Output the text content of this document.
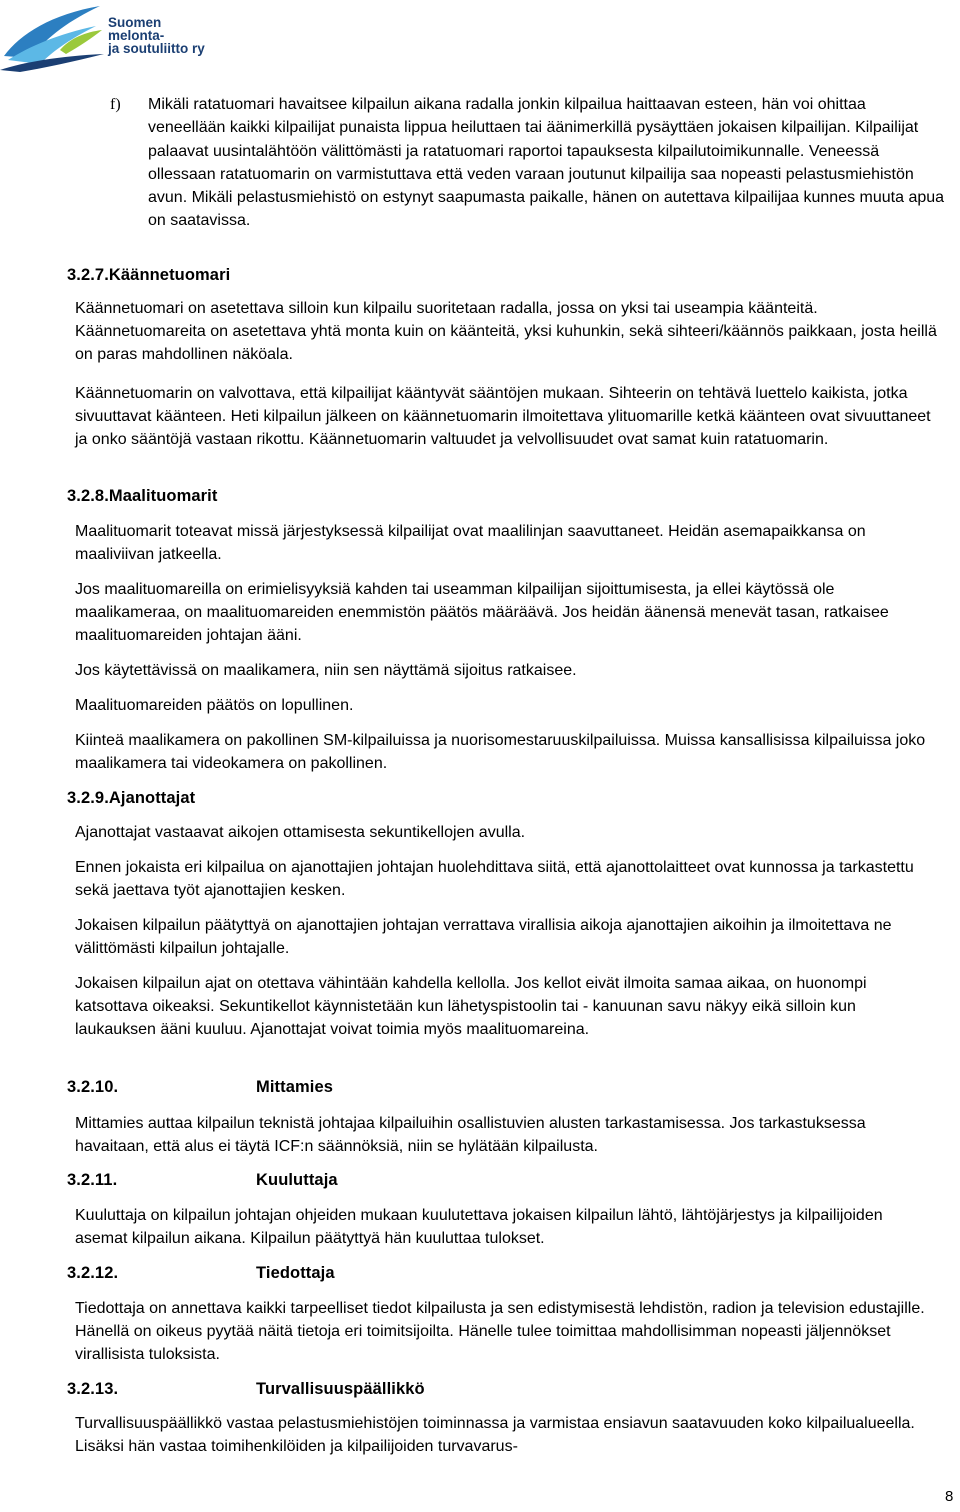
Suomen
melonta-
ja soutuliitto ry
f) Mikäli ratatuomari havaitsee kilpailun aikana radalla jonkin kilpailua haittaavan esteen, hän voi ohittaa veneellään kaikki kilpailijat punaista lippua heiluttaen tai äänimerkillä pysäyttäen jokaisen kilpailijan. Kilpailijat palaavat uusintalähtöön välittömästi ja ratatuomari raportoi tapauksesta kilpailutoimikunnalle. Veneessä ollessaan ratatuomarin on varmistuttava että veden varaan joutunut kilpailija saa nopeasti pelastusmiehistön avun. Mikäli pelastusmiehistö on estynyt saapumasta paikalle, hänen on autettava kilpailijaa kunnes muuta apua on saatavissa.

3.2.7.Käännetuomari

Käännetuomari on asetettava silloin kun kilpailu suoritetaan radalla, jossa on yksi tai useampia käänteitä. Käännetuomareita on asetettava yhtä monta kuin on käänteitä, yksi kuhunkin, sekä sihteeri/käännös paikkaan, josta heillä on paras mahdollinen näköala.

Käännetuomarin on valvottava, että kilpailijat kääntyvät sääntöjen mukaan. Sihteerin on tehtävä luettelo kaikista, jotka sivuuttavat käänteen. Heti kilpailun jälkeen on käännetuomarin ilmoitettava ylituomarille ketkä käänteen ovat sivuuttaneet ja onko sääntöjä vastaan rikottu. Käännetuomarin valtuudet ja velvollisuudet ovat samat kuin ratatuomarin.

3.2.8.Maalituomarit

Maalituomarit toteavat missä järjestyksessä kilpailijat ovat maalilinjan saavuttaneet. Heidän asemapaikkansa on maaliviivan jatkeella.

Jos maalituomareilla on erimielisyyksiä kahden tai useamman kilpailijan sijoittumisesta, ja ellei käytössä ole maalikameraa, on maalituomareiden enemmistön päätös määräävä. Jos heidän äänensä menevät tasan, ratkaisee maalituomareiden johtajan ääni.

Jos käytettävissä on maalikamera, niin sen näyttämä sijoitus ratkaisee.

Maalituomareiden päätös on lopullinen.

Kiinteä maalikamera on pakollinen SM-kilpailuissa ja nuorisomestaruuskilpailuissa. Muissa kansallisissa kilpailuissa joko maalikamera tai videokamera on pakollinen.

3.2.9.Ajanottajat

Ajanottajat vastaavat aikojen ottamisesta sekuntikellojen avulla.

Ennen jokaista eri kilpailua on ajanottajien johtajan huolehdittava siitä, että ajanottolaitteet ovat kunnossa ja tarkastettu sekä jaettava työt ajanottajien kesken.

Jokaisen kilpailun päätyttyä on ajanottajien johtajan verrattava virallisia aikoja ajanottajien aikoihin ja ilmoitettava ne välittömästi kilpailun johtajalle.

Jokaisen kilpailun ajat on otettava vähintään kahdella kellolla. Jos kellot eivät ilmoita samaa aikaa, on huonompi katsottava oikeaksi. Sekuntikellot käynnistetään kun lähetyspistoolin tai - kanuunan savu näkyy eikä silloin kun laukauksen ääni kuuluu. Ajanottajat voivat toimia myös maalituomareina.

3.2.10.	Mittamies

Mittamies auttaa kilpailun teknistä johtajaa kilpailuihin osallistuvien alusten tarkastamisessa. Jos tarkastuksessa havaitaan, että alus ei täytä ICF:n säännöksiä, niin se hylätään kilpailusta.

3.2.11.	Kuuluttaja

Kuuluttaja on kilpailun johtajan ohjeiden mukaan kuulutettava jokaisen kilpailun lähtö, lähtöjärjestys ja kilpailijoiden asemat kilpailun aikana. Kilpailun päätyttyä hän kuuluttaa tulokset.

3.2.12.	Tiedottaja

Tiedottaja on annettava kaikki tarpeelliset tiedot kilpailusta ja sen edistymisestä lehdistön, radion ja television edustajille. Hänellä on oikeus pyytää näitä tietoja eri toimitsijoilta. Hänelle tulee toimittaa mahdollisimman nopeasti jäljennökset virallisista tuloksista.

3.2.13.	Turvallisuuspäällikkö

Turvallisuuspäällikkö vastaa pelastusmiehistöjen toiminnassa ja varmistaa ensiavun saatavuuden koko kilpailualueella. Lisäksi hän vastaa toimihenkilöiden ja kilpailijoiden turvavarus-

8
